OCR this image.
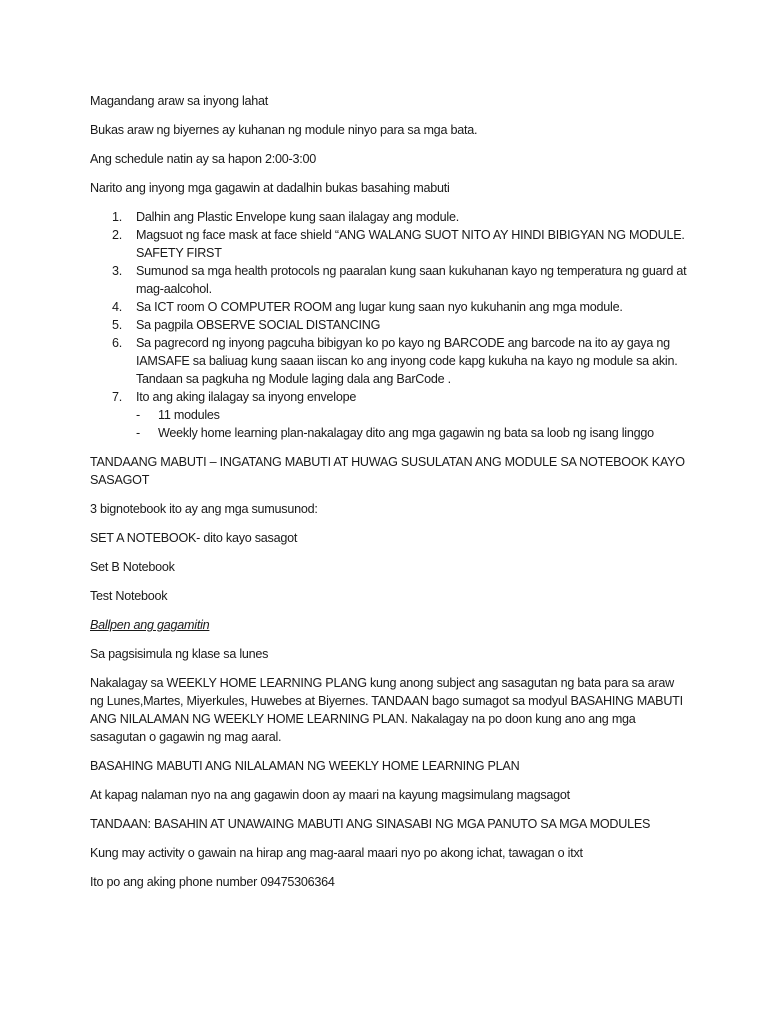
Magandang araw sa inyong lahat

Bukas araw ng biyernes ay kuhanan ng module ninyo para sa mga bata.

Ang schedule natin ay sa hapon 2:00-3:00

Narito ang inyong mga gagawin at dadalhin bukas basahing mabuti

1. Dalhin ang Plastic Envelope kung saan ilalagay ang module.
2. Magsuot ng face mask at face shield “ANG WALANG SUOT NITO AY HINDI BIBIGYAN NG MODULE. SAFETY FIRST
3. Sumunod sa mga health protocols ng paaralan kung saan kukuhanan kayo ng temperatura ng guard at mag-aalcohol.
4. Sa ICT room O COMPUTER ROOM ang lugar kung saan nyo kukuhanin ang mga module.
5. Sa pagpila OBSERVE SOCIAL DISTANCING
6. Sa pagrecord ng inyong pagcuha bibigyan ko po kayo ng BARCODE ang barcode na ito ay gaya ng IAMSAFE sa baliuag kung saaan iiscan ko ang inyong code kapg kukuha na kayo ng module sa akin. Tandaan sa pagkuha ng Module laging dala ang BarCode .
7. Ito ang aking ilalagay sa inyong envelope
- 11 modules
- Weekly home learning plan-nakalagay dito ang mga gagawin ng bata sa loob ng isang linggo

TANDAANG MABUTI – INGATANG MABUTI AT HUWAG SUSULATAN ANG MODULE SA NOTEBOOK KAYO SASAGOT

3 bignotebook ito ay ang mga sumusunod:

SET A NOTEBOOK- dito kayo sasagot

Set B Notebook

Test Notebook

Ballpen ang gagamitin

Sa pagsisimula ng klase sa lunes

Nakalagay sa WEEKLY HOME LEARNING PLANG kung anong subject ang sasagutan ng bata para sa araw ng Lunes,Martes, Miyerkules, Huwebes at Biyernes. TANDAAN bago sumagot sa modyul BASAHING MABUTI ANG NILALAMAN NG WEEKLY HOME LEARNING PLAN. Nakalagay na po doon kung ano ang mga sasagutan o gagawin ng mag aaral.

BASAHING MABUTI ANG NILALAMAN NG WEEKLY HOME LEARNING PLAN

At kapag nalaman nyo na ang gagawin doon ay maari na kayung magsimulang magsagot

TANDAAN: BASAHIN AT UNAWAING MABUTI ANG SINASABI NG MGA PANUTO SA MGA MODULES

Kung may activity o gawain na hirap ang mag-aaral maari nyo po akong ichat, tawagan o itxt

Ito po ang aking phone number 09475306364
